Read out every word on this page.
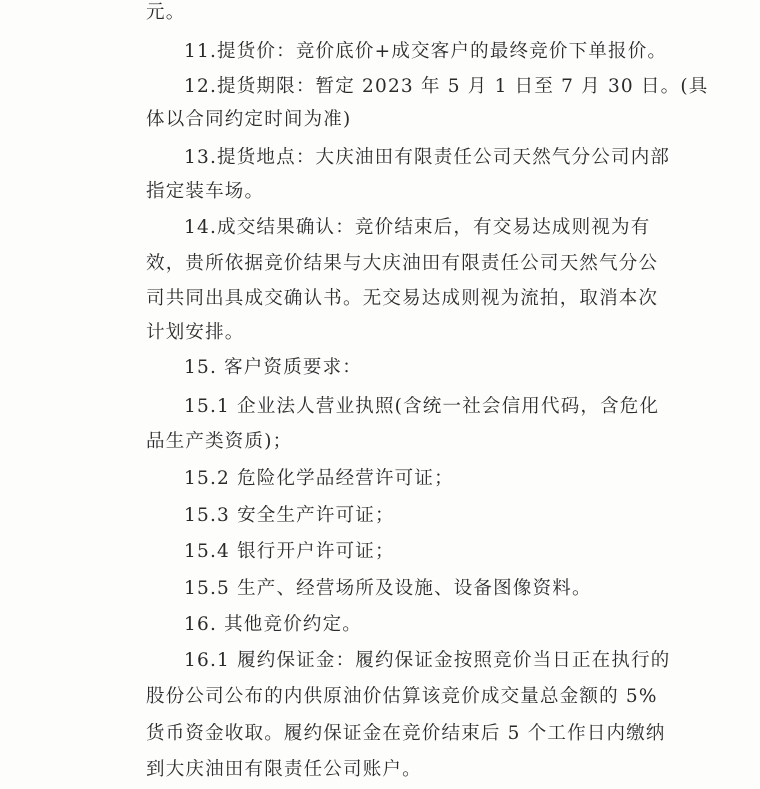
元。
11.提货价：竞价底价+成交客户的最终竞价下单报价。
12.提货期限：暂定 2023 年 5 月 1 日至 7 月 30 日。(具
体以合同约定时间为准)
13.提货地点：大庆油田有限责任公司天然气分公司内部
指定装车场。
14.成交结果确认：竞价结束后，有交易达成则视为有
效，贵所依据竞价结果与大庆油田有限责任公司天然气分公
司共同出具成交确认书。无交易达成则视为流拍，取消本次
计划安排。
15. 客户资质要求：
15.1 企业法人营业执照(含统一社会信用代码，含危化
品生产类资质)；
15.2 危险化学品经营许可证；
15.3 安全生产许可证；
15.4 银行开户许可证；
15.5 生产、经营场所及设施、设备图像资料。
16. 其他竞价约定。
16.1 履约保证金：履约保证金按照竞价当日正在执行的
股份公司公布的内供原油价估算该竞价成交量总金额的 5%
货币资金收取。履约保证金在竞价结束后 5 个工作日内缴纳
到大庆油田有限责任公司账户。
